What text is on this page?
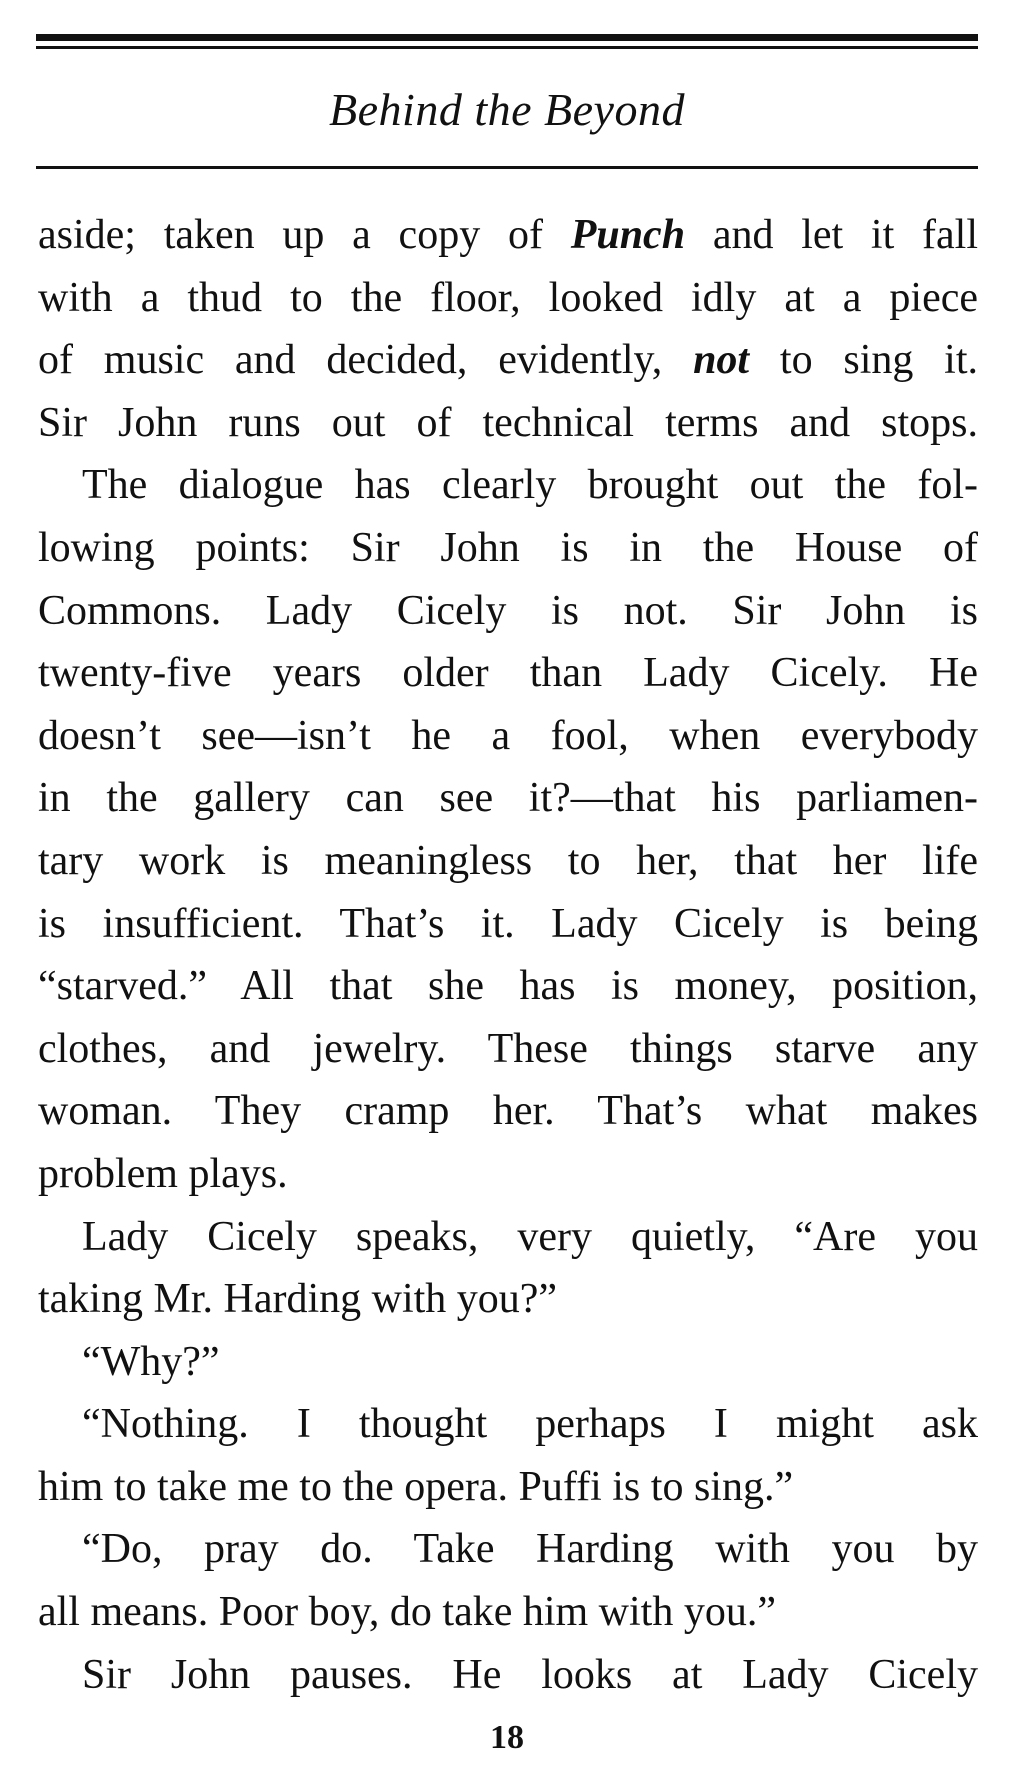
Behind the Beyond
aside; taken up a copy of Punch and let it fall
with a thud to the floor, looked idly at a piece
of music and decided, evidently, not to sing it.
Sir John runs out of technical terms and stops.
The dialogue has clearly brought out the fol-
lowing points: Sir John is in the House of
Commons. Lady Cicely is not. Sir John is
twenty-five years older than Lady Cicely. He
doesn’t see—isn’t he a fool, when everybody
in the gallery can see it?—that his parliamen-
tary work is meaningless to her, that her life
is insufficient. That’s it. Lady Cicely is being
“starved.” All that she has is money, position,
clothes, and jewelry. These things starve any
woman. They cramp her. That’s what makes
problem plays.
Lady Cicely speaks, very quietly, “Are you
taking Mr. Harding with you?”
“Why?”
“Nothing. I thought perhaps I might ask
him to take me to the opera. Puffi is to sing.”
“Do, pray do. Take Harding with you by
all means. Poor boy, do take him with you.”
Sir John pauses. He looks at Lady Cicely
18
